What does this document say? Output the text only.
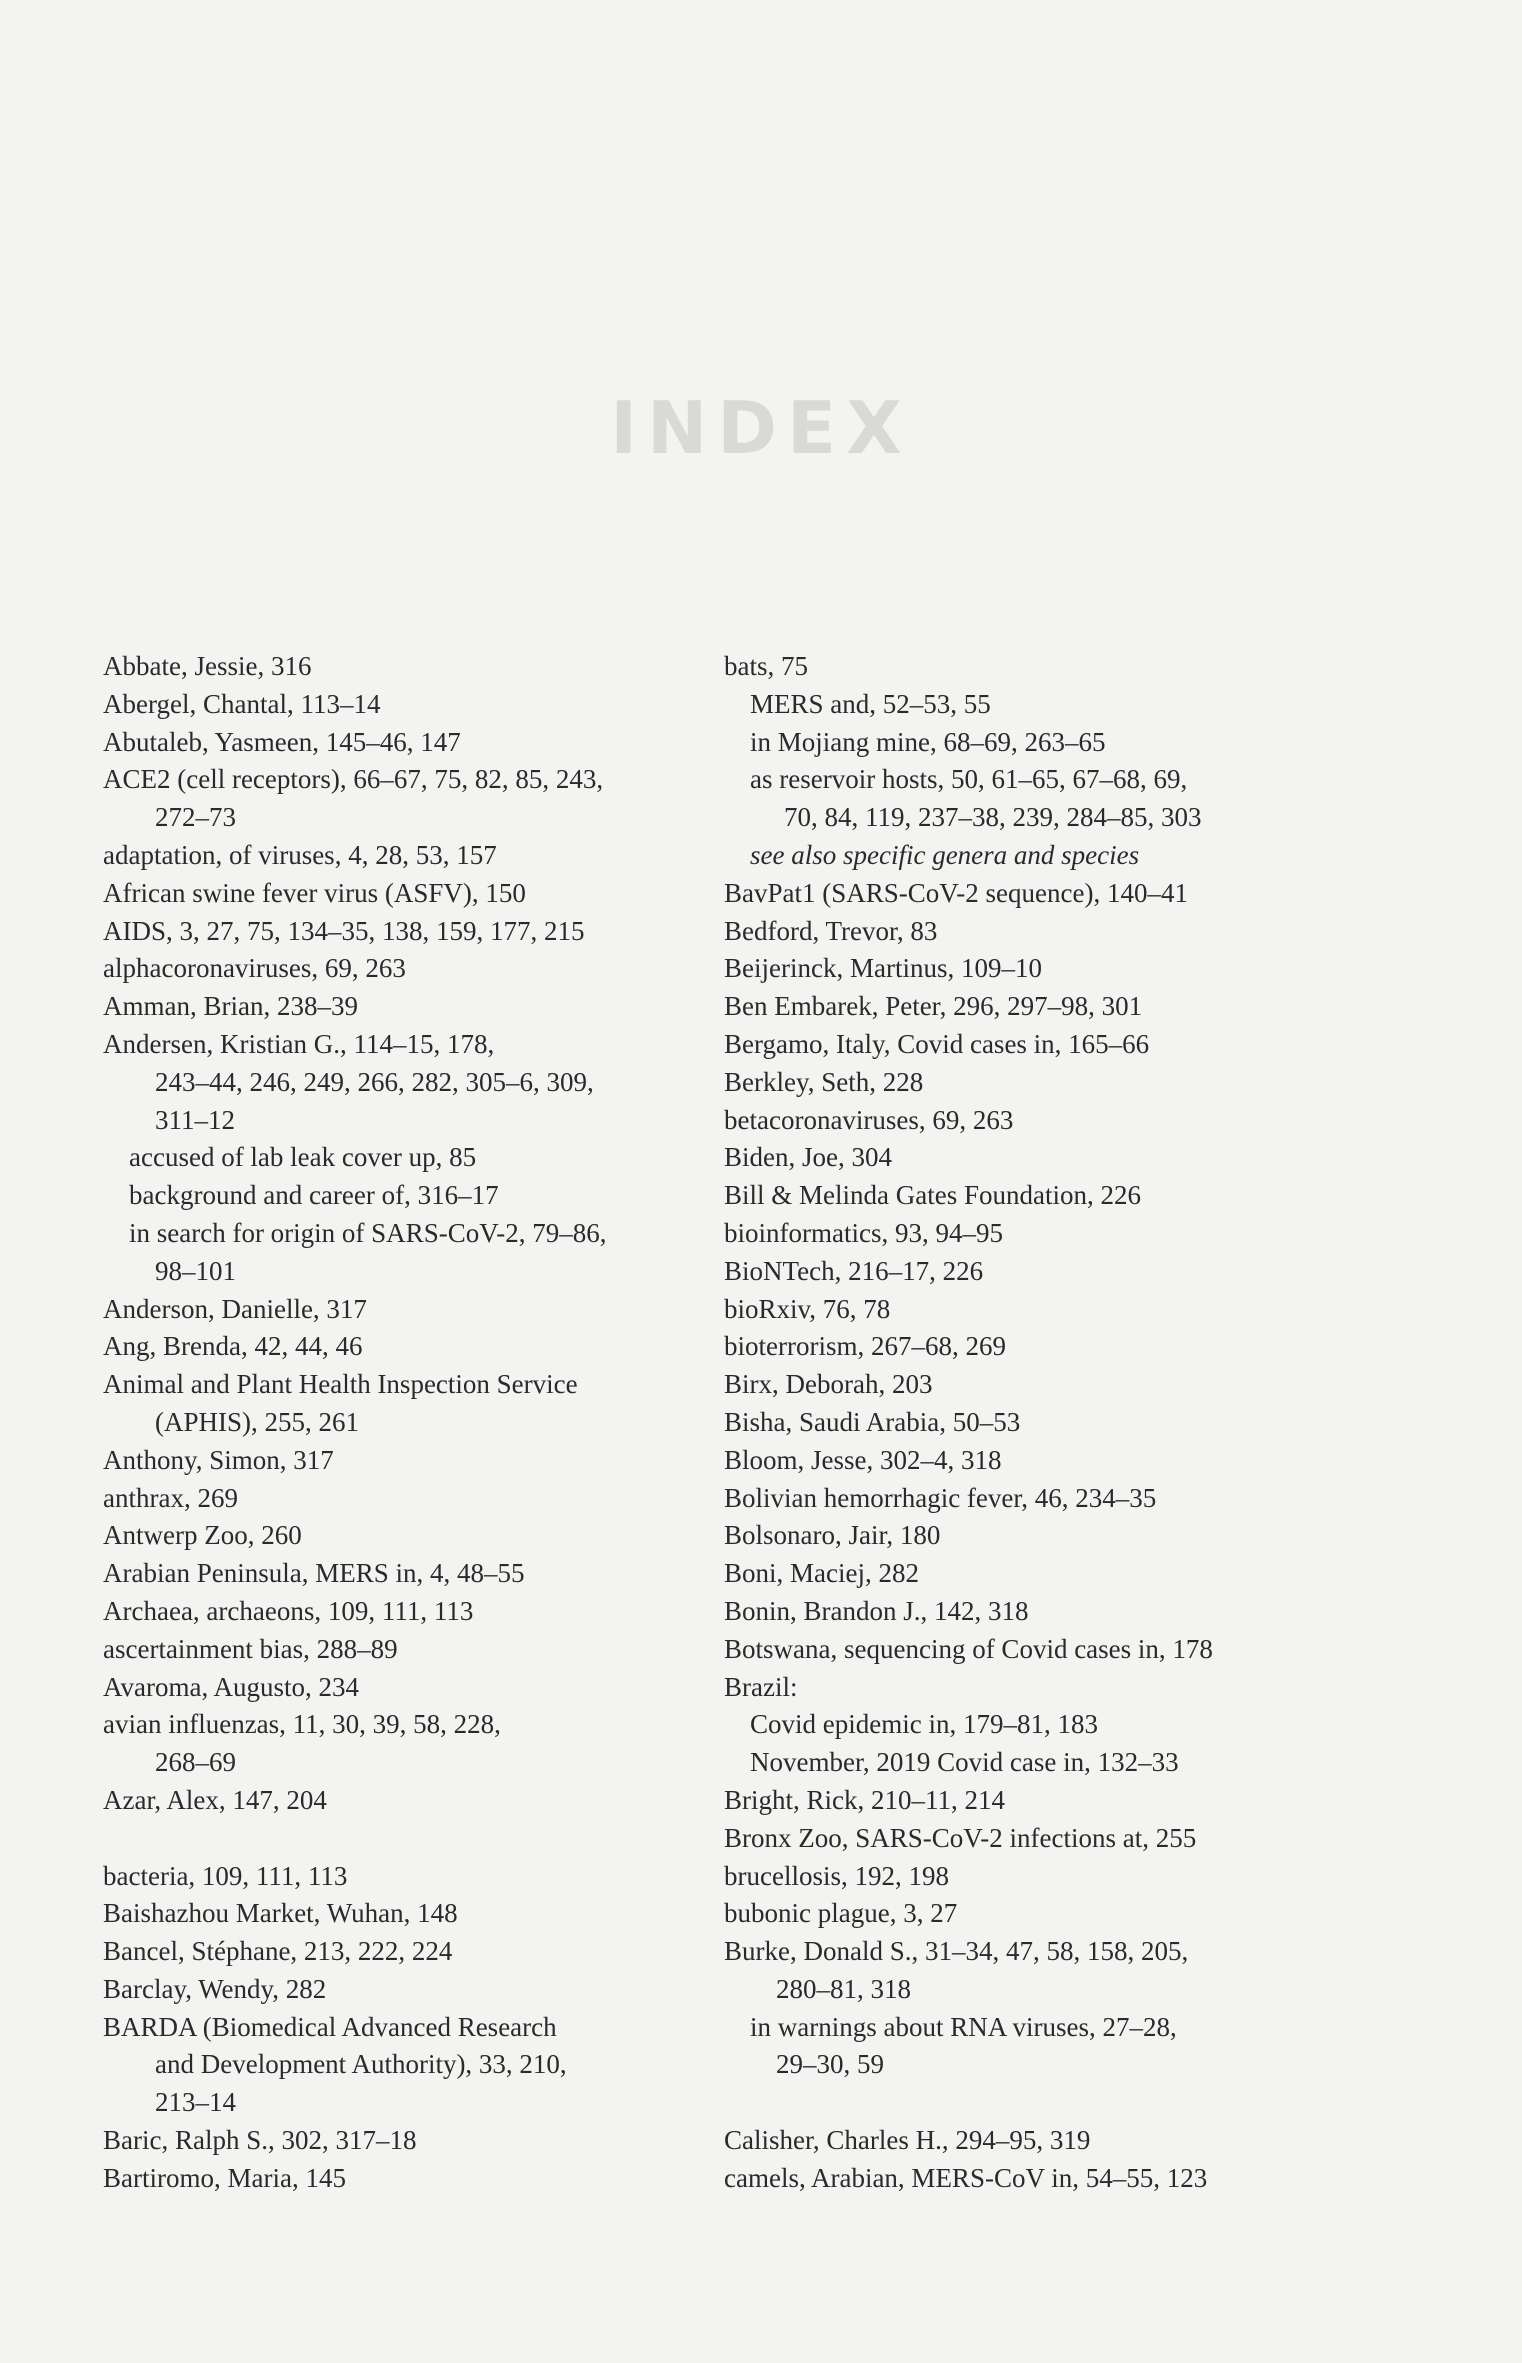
INDEX
Abbate, Jessie, 316
Abergel, Chantal, 113–14
Abutaleb, Yasmeen, 145–46, 147
ACE2 (cell receptors), 66–67, 75, 82, 85, 243,
272–73
adaptation, of viruses, 4, 28, 53, 157
African swine fever virus (ASFV), 150
AIDS, 3, 27, 75, 134–35, 138, 159, 177, 215
alphacoronaviruses, 69, 263
Amman, Brian, 238–39
Andersen, Kristian G., 114–15, 178,
243–44, 246, 249, 266, 282, 305–6, 309,
311–12
accused of lab leak cover up, 85
background and career of, 316–17
in search for origin of SARS-CoV-2, 79–86,
98–101
Anderson, Danielle, 317
Ang, Brenda, 42, 44, 46
Animal and Plant Health Inspection Service
(APHIS), 255, 261
Anthony, Simon, 317
anthrax, 269
Antwerp Zoo, 260
Arabian Peninsula, MERS in, 4, 48–55
Archaea, archaeons, 109, 111, 113
ascertainment bias, 288–89
Avaroma, Augusto, 234
avian influenzas, 11, 30, 39, 58, 228,
268–69
Azar, Alex, 147, 204
bacteria, 109, 111, 113
Baishazhou Market, Wuhan, 148
Bancel, Stéphane, 213, 222, 224
Barclay, Wendy, 282
BARDA (Biomedical Advanced Research
and Development Authority), 33, 210,
213–14
Baric, Ralph S., 302, 317–18
Bartiromo, Maria, 145
bats, 75
MERS and, 52–53, 55
in Mojiang mine, 68–69, 263–65
as reservoir hosts, 50, 61–65, 67–68, 69,
70, 84, 119, 237–38, 239, 284–85, 303
see also specific genera and species
BavPat1 (SARS-CoV-2 sequence), 140–41
Bedford, Trevor, 83
Beijerinck, Martinus, 109–10
Ben Embarek, Peter, 296, 297–98, 301
Bergamo, Italy, Covid cases in, 165–66
Berkley, Seth, 228
betacoronaviruses, 69, 263
Biden, Joe, 304
Bill & Melinda Gates Foundation, 226
bioinformatics, 93, 94–95
BioNTech, 216–17, 226
bioRxiv, 76, 78
bioterrorism, 267–68, 269
Birx, Deborah, 203
Bisha, Saudi Arabia, 50–53
Bloom, Jesse, 302–4, 318
Bolivian hemorrhagic fever, 46, 234–35
Bolsonaro, Jair, 180
Boni, Maciej, 282
Bonin, Brandon J., 142, 318
Botswana, sequencing of Covid cases in, 178
Brazil:
Covid epidemic in, 179–81, 183
November, 2019 Covid case in, 132–33
Bright, Rick, 210–11, 214
Bronx Zoo, SARS-CoV-2 infections at, 255
brucellosis, 192, 198
bubonic plague, 3, 27
Burke, Donald S., 31–34, 47, 58, 158, 205,
280–81, 318
in warnings about RNA viruses, 27–28,
29–30, 59
Calisher, Charles H., 294–95, 319
camels, Arabian, MERS-CoV in, 54–55, 123
